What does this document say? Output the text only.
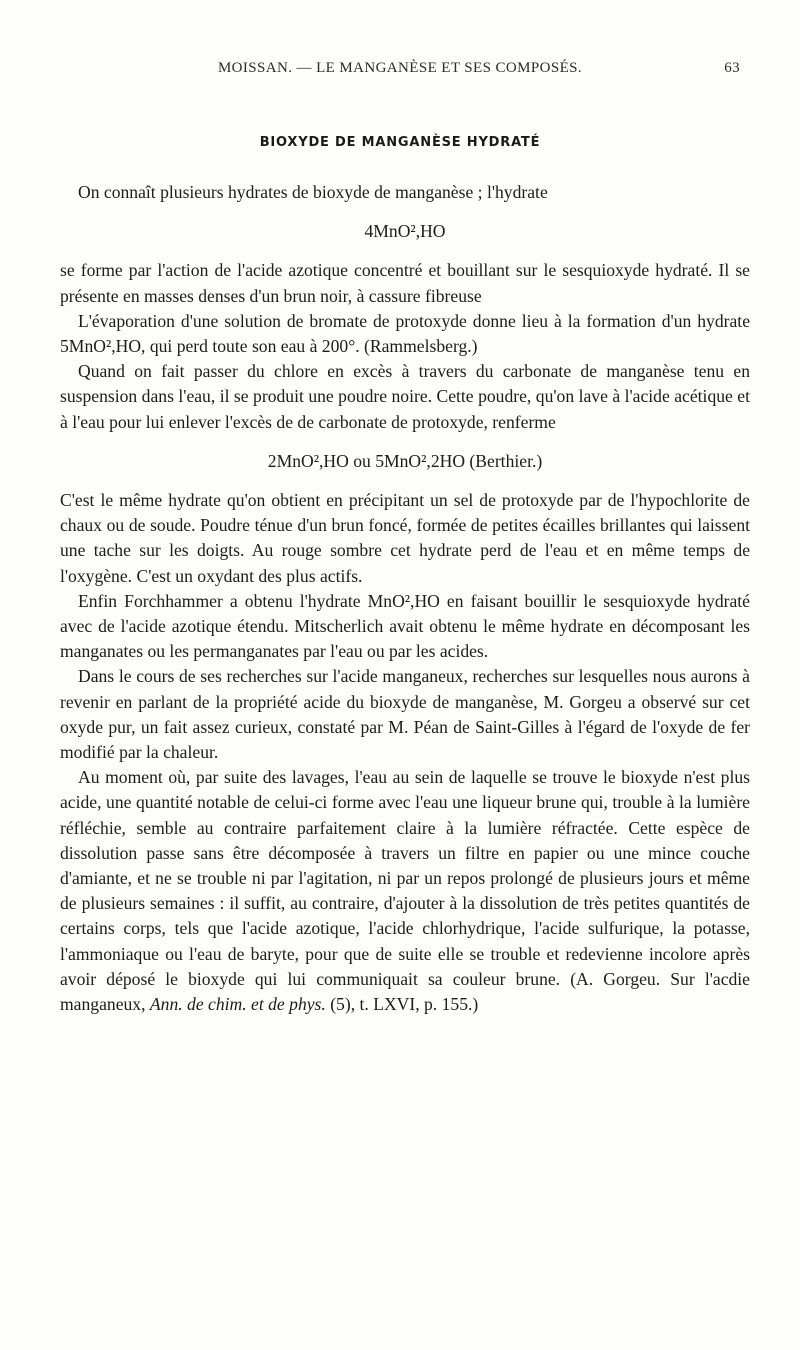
MOISSAN. — LE MANGANÈSE ET SES COMPOSÉS.	63
BIOXYDE DE MANGANÈSE HYDRATÉ

On connaît plusieurs hydrates de bioxyde de manganèse ; l'hydrate

4MnO²,HO

se forme par l'action de l'acide azotique concentré et bouillant sur le sesquioxyde hydraté. Il se présente en masses denses d'un brun noir, à cassure fibreuse

L'évaporation d'une solution de bromate de protoxyde donne lieu à la formation d'un hydrate 5MnO²,HO, qui perd toute son eau à 200°. (Rammelsberg.)

Quand on fait passer du chlore en excès à travers du carbonate de manganèse tenu en suspension dans l'eau, il se produit une poudre noire. Cette poudre, qu'on lave à l'acide acétique et à l'eau pour lui enlever l'excès de de carbonate de protoxyde, renferme

2MnO²,HO ou 5MnO²,2HO (Berthier.)

C'est le même hydrate qu'on obtient en précipitant un sel de protoxyde par de l'hypochlorite de chaux ou de soude. Poudre ténue d'un brun foncé, formée de petites écailles brillantes qui laissent une tache sur les doigts. Au rouge sombre cet hydrate perd de l'eau et en même temps de l'oxygène. C'est un oxydant des plus actifs.

Enfin Forchhammer a obtenu l'hydrate MnO²,HO en faisant bouillir le sesquioxyde hydraté avec de l'acide azotique étendu. Mitscherlich avait obtenu le même hydrate en décomposant les manganates ou les permanganates par l'eau ou par les acides.

Dans le cours de ses recherches sur l'acide manganeux, recherches sur lesquelles nous aurons à revenir en parlant de la propriété acide du bioxyde de manganèse, M. Gorgeu a observé sur cet oxyde pur, un fait assez curieux, constaté par M. Péan de Saint-Gilles à l'égard de l'oxyde de fer modifié par la chaleur.

Au moment où, par suite des lavages, l'eau au sein de laquelle se trouve le bioxyde n'est plus acide, une quantité notable de celui-ci forme avec l'eau une liqueur brune qui, trouble à la lumière réfléchie, semble au contraire parfaitement claire à la lumière réfractée. Cette espèce de dissolution passe sans être décomposée à travers un filtre en papier ou une mince couche d'amiante, et ne se trouble ni par l'agitation, ni par un repos prolongé de plusieurs jours et même de plusieurs semaines : il suffit, au contraire, d'ajouter à la dissolution de très petites quantités de certains corps, tels que l'acide azotique, l'acide chlorhydrique, l'acide sulfurique, la potasse, l'ammoniaque ou l'eau de baryte, pour que de suite elle se trouble et redevienne incolore après avoir déposé le bioxyde qui lui communiquait sa couleur brune. (A. Gorgeu. Sur l'acdie manganeux, Ann. de chim. et de phys. (5), t. LXVI, p. 155.)
